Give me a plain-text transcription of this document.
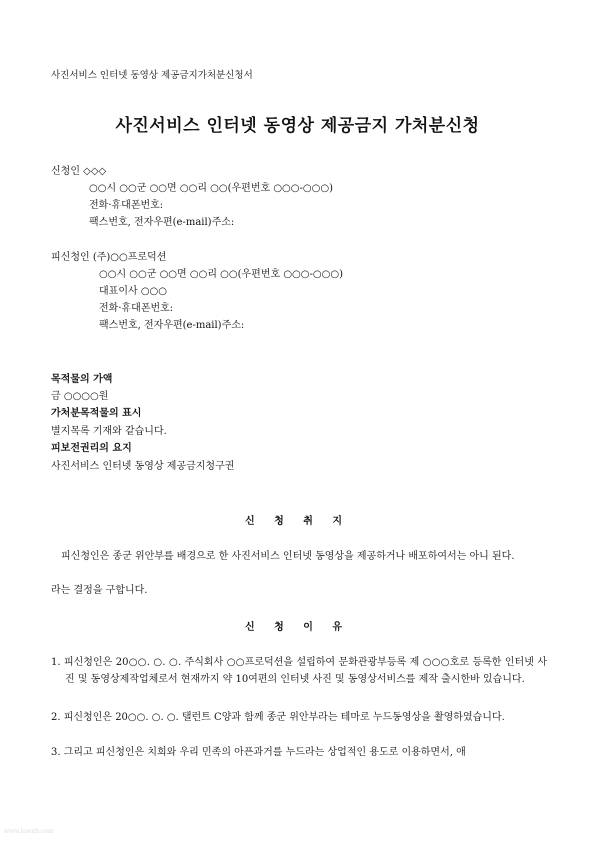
사진서비스 인터넷 동영상 제공금지가처분신청서
사진서비스 인터넷 동영상 제공금지 가처분신청
신청인 ◇◇◇
○○시 ○○군 ○○면 ○○리 ○○(우편번호 ○○○-○○○)
전화·휴대폰번호:
팩스번호, 전자우편(e-mail)주소:
피신청인 (주)○○프로덕션
○○시 ○○군 ○○면 ○○리 ○○(우편번호 ○○○-○○○)
대표이사 ○○○
전화·휴대폰번호:
팩스번호, 전자우편(e-mail)주소:
목적물의 가액
금 ○○○○원
가처분목적물의 표시
별지목록 기재와 같습니다.
피보전권리의 요지
사진서비스 인터넷 동영상 제공금지청구권
신 청 취 지
피신청인은 종군 위안부를 배경으로 한 사진서비스 인터넷 동영상을 제공하거나 배포하여서는 아니 된다.
라는 결정을 구합니다.
신 청 이 유
1. 피신청인은 20○○. ○. ○. 주식회사 ○○프로덕션을 설립하여 문화관광부등록 제 ○○○호로 등록한 인터넷 사진 및 동영상제작업체로서 현재까지 약 10여편의 인터넷 사진 및 동영상서비스를 제작 출시한바 있습니다.
2. 피신청인은 20○○. ○. ○. 탤런트 C양과 함께 종군 위안부라는 테마로 누드동영상을 촬영하였습니다.
3. 그리고 피신청인은 치희와 우리 민족의 아픈과거를 누드라는 상업적인 용도로 이용하면서, 애
www.lawnb.com
